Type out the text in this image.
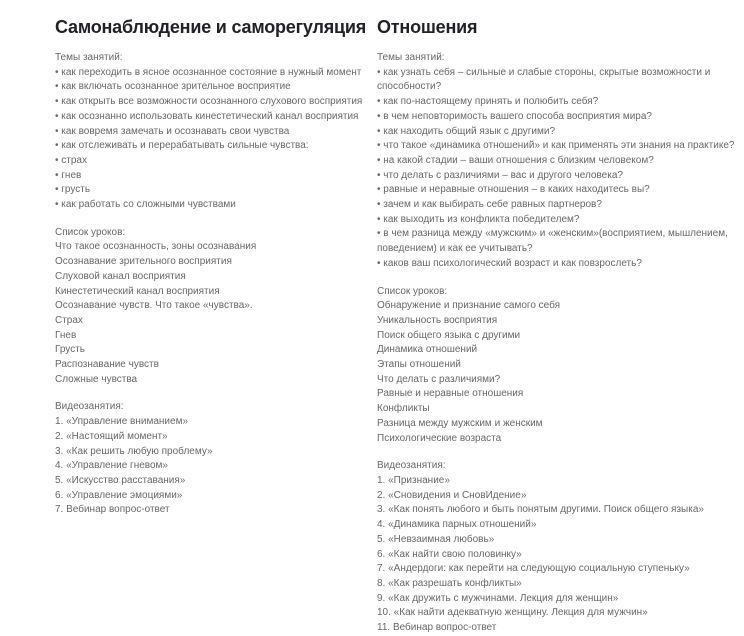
Самонаблюдение и саморегуляция

Темы занятий:

• как переходить в ясное осознанное состояние в нужный момент
• как включать осознанное зрительное восприятие
• как открыть все возможности осознанного слухового восприятия
• как осознанно использовать кинестетический канал восприятия
• как вовремя замечать и осознавать свои чувства
• как отслеживать и перерабатывать сильные чувства:
• страх
• гнев
• грусть
• как работать со сложными чувствами

Список уроков:

Что такое осознанность, зоны осознавания
Осознавание зрительного восприятия
Слуховой канал восприятия
Кинестетический канал восприятия
Осознавание чувств. Что такое «чувства».
Страх
Гнев
Грусть
Распознавание чувств
Сложные чувства

Видеозанятия:

1. «Управление вниманием»
2. «Настоящий момент»
3. «Как решить любую проблему»
4. «Управление гневом»
5. «Искусство расставания»
6. «Управление эмоциями»
7. Вебинар вопрос-ответ
Отношения

Темы занятий:

• как узнать себя – сильные и слабые стороны, скрытые возможности и способности?
• как по-настоящему принять и полюбить себя?
• в чем неповторимость вашего способа восприятия мира?
• как находить общий язык с другими?
• что такое «динамика отношений» и как применять эти знания на практике?
• на какой стадии – ваши отношения с близким человеком?
• что делать с различиями – вас и другого человека?
• равные и неравные отношения – в каких находитесь вы?
• зачем и как выбирать себе равных партнеров?
• как выходить из конфликта победителем?
• в чем разница между «мужским» и «женским»(восприятием, мышлением, поведением) и как ее учитывать?
• каков ваш психологический возраст и как повзрослеть?

Список уроков:

Обнаружение и признание самого себя
Уникальность восприятия
Поиск общего языка с другими
Динамика отношений
Этапы отношений
Что делать с различиями?
Равные и неравные отношения
Конфликты
Разница между мужским и женским
Психологические возраста

Видеозанятия:

1. «Признание»
2. «Сновидения и СновИдение»
3. «Как понять любого и быть понятым другими. Поиск общего языка»
4. «Динамика парных отношений»
5. «Невзаимная любовь»
6. «Как найти свою половинку»
7. «Андердоги: как перейти на следующую социальную ступеньку»
8. «Как разрешать конфликты»
9. «Как дружить с мужчинами. Лекция для женщин»
10. «Как найти адекватную женщину. Лекция для мужчин»
11. Вебинар вопрос-ответ
